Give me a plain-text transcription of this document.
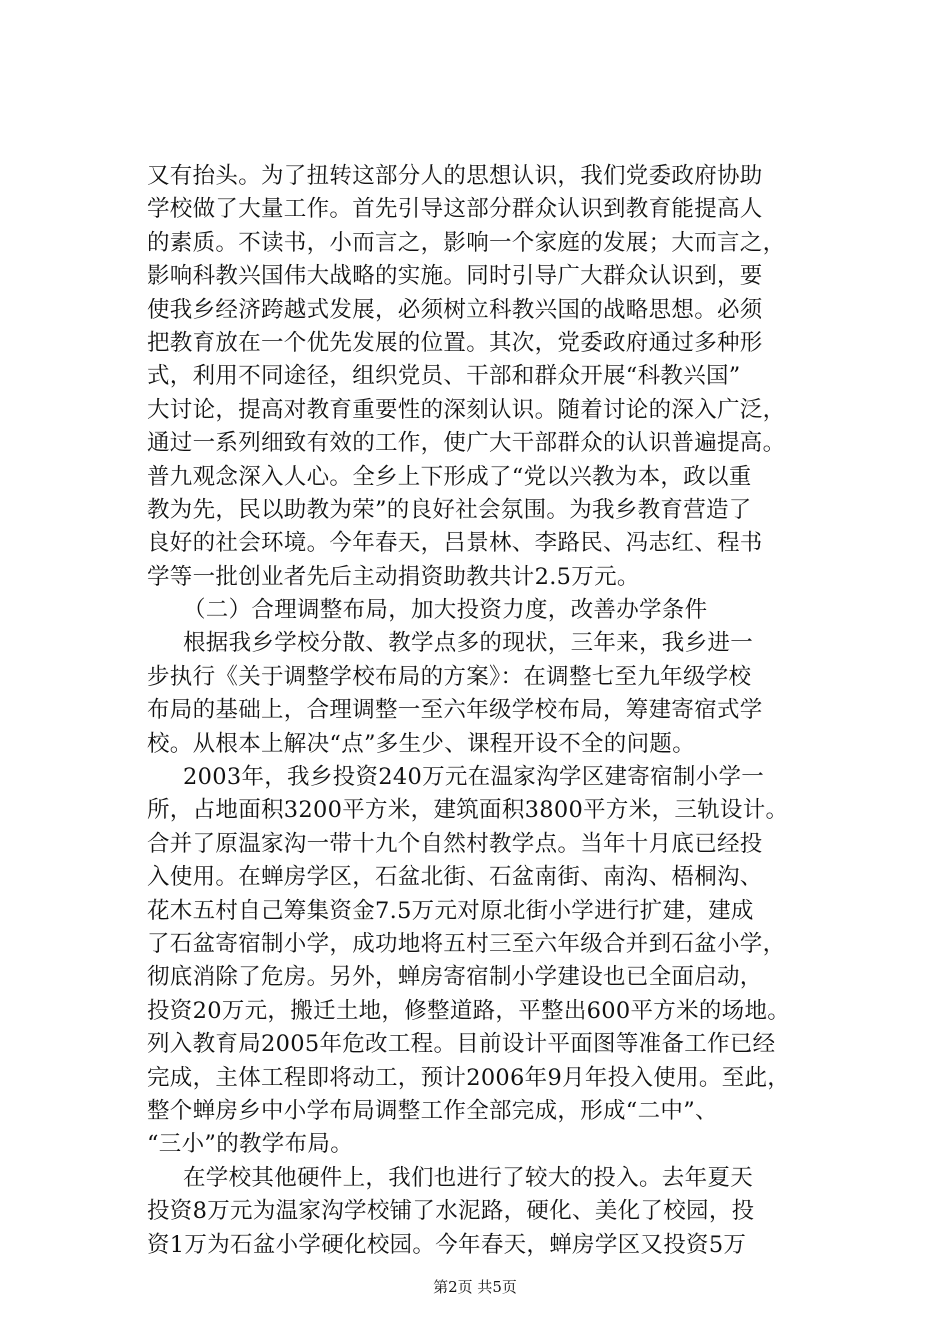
又有抬头。为了扭转这部分人的思想认识，我们党委政府协助
学校做了大量工作。首先引导这部分群众认识到教育能提高人
的素质。不读书，小而言之，影响一个家庭的发展；大而言之，
影响科教兴国伟大战略的实施。同时引导广大群众认识到，要
使我乡经济跨越式发展，必须树立科教兴国的战略思想。必须
把教育放在一个优先发展的位置。其次，党委政府通过多种形
式，利用不同途径，组织党员、干部和群众开展“科教兴国”
大讨论，提高对教育重要性的深刻认识。随着讨论的深入广泛，
通过一系列细致有效的工作，使广大干部群众的认识普遍提高。
普九观念深入人心。全乡上下形成了“党以兴教为本，政以重
教为先，民以助教为荣”的良好社会氛围。为我乡教育营造了
良好的社会环境。今年春天，吕景林、李路民、冯志红、程书
学等一批创业者先后主动捐资助教共计2.5万元。
（二）合理调整布局，加大投资力度，改善办学条件
根据我乡学校分散、教学点多的现状，三年来，我乡进一
步执行《关于调整学校布局的方案》：在调整七至九年级学校
布局的基础上，合理调整一至六年级学校布局，筹建寄宿式学
校。从根本上解决“点”多生少、课程开设不全的问题。
2003年，我乡投资240万元在温家沟学区建寄宿制小学一
所，占地面积3200平方米，建筑面积3800平方米，三轨设计。
合并了原温家沟一带十九个自然村教学点。当年十月底已经投
入使用。在蝉房学区，石盆北街、石盆南街、南沟、梧桐沟、
花木五村自己筹集资金7.5万元对原北街小学进行扩建，建成
了石盆寄宿制小学，成功地将五村三至六年级合并到石盆小学，
彻底消除了危房。另外，蝉房寄宿制小学建设也已全面启动，
投资20万元，搬迁土地，修整道路，平整出600平方米的场地。
列入教育局2005年危改工程。目前设计平面图等准备工作已经
完成，主体工程即将动工，预计2006年9月年投入使用。至此，
整个蝉房乡中小学布局调整工作全部完成，形成“二中”、
“三小”的教学布局。
在学校其他硬件上，我们也进行了较大的投入。去年夏天
投资8万元为温家沟学校铺了水泥路，硬化、美化了校园，投
资1万为石盆小学硬化校园。今年春天，蝉房学区又投资5万
第2页 共5页
